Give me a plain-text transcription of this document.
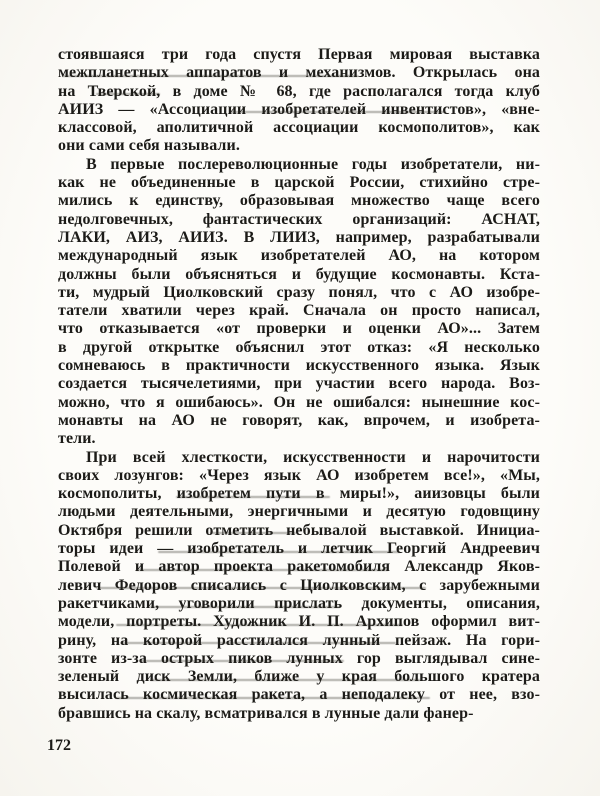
стоявшаяся три года спустя Первая мировая выставка
межпланетных аппаратов и механизмов. Открылась она
на Тверской, в доме № 68, где располагался тогда клуб
АИИЗ — «Ассоциации изобретателей инвентистов», «вне-
классовой, аполитичной ассоциации космополитов», как
они сами себя называли.
В первые послереволюционные годы изобретатели, ни-
как не объединенные в царской России, стихийно стре-
мились к единству, образовывая множество чаще всего
недолговечных, фантастических организаций: АСНАТ,
ЛАКИ, АИЗ, АИИЗ. В ЛИИЗ, например, разрабатывали
международный язык изобретателей АО, на котором
должны были объясняться и будущие космонавты. Кста-
ти, мудрый Циолковский сразу понял, что с АО изобре-
татели хватили через край. Сначала он просто написал,
что отказывается «от проверки и оценки АО»... Затем
в другой открытке объяснил этот отказ: «Я несколько
сомневаюсь в практичности искусственного языка. Язык
создается тысячелетиями, при участии всего народа. Воз-
можно, что я ошибаюсь». Он не ошибался: нынешние кос-
монавты на АО не говорят, как, впрочем, и изобрета-
тели.
При всей хлесткости, искусственности и нарочитости
своих лозунгов: «Через язык АО изобретем все!», «Мы,
космополиты, изобретем пути в миры!», аиизовцы были
людьми деятельными, энергичными и десятую годовщину
Октября решили отметить небывалой выставкой. Инициа-
торы идеи — изобретатель и летчик Георгий Андреевич
Полевой и автор проекта ракетомобиля Александр Яков-
левич Федоров списались с Циолковским, с зарубежными
ракетчиками, уговорили прислать документы, описания,
модели, портреты. Художник И. П. Архипов оформил вит-
рину, на которой расстилался лунный пейзаж. На гори-
зонте из-за острых пиков лунных гор выглядывал сине-
зеленый диск Земли, ближе у края большого кратера
высилась космическая ракета, а неподалеку от нее, взо-
бравшись на скалу, всматривался в лунные дали фанер-
172
